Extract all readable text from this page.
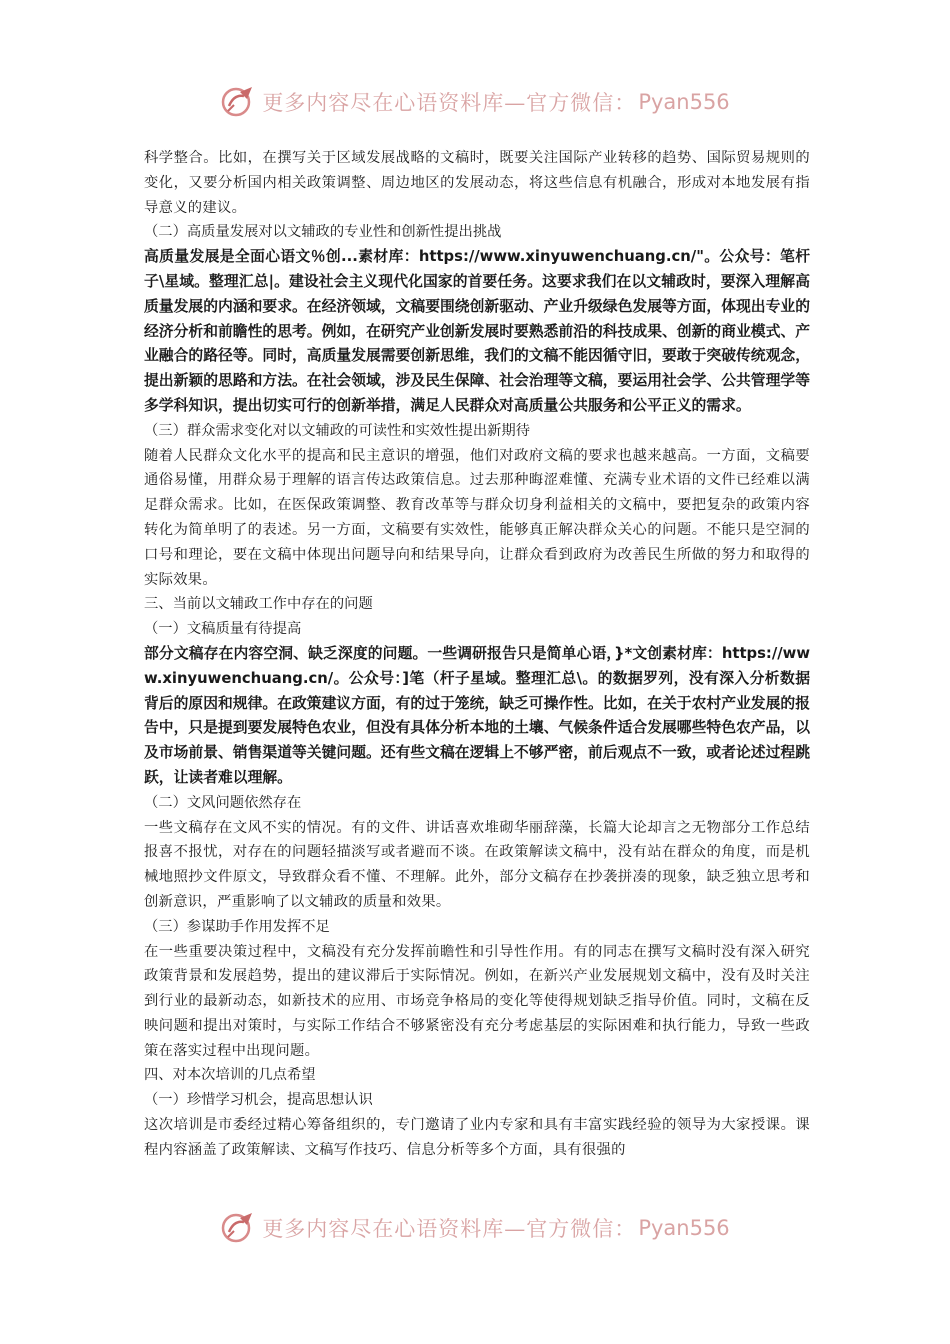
更多内容尽在心语资料库—官方微信： Pyan556

科学整合。比如，在撰写关于区域发展战略的文稿时，既要关注国际产业转移的趋势、国际贸易规则的变化，又要分析国内相关政策调整、周边地区的发展动态，将这些信息有机融合，形成对本地发展有指导意义的建议。

（二）高质量发展对以文辅政的专业性和创新性提出挑战

高质量发展是全面心语文％创...素材库：https://www.xinyuwenchuang.cn/"。公众号：笔杆子\星域。整理汇总|。建设社会主义现代化国家的首要任务。这要求我们在以文辅政时，要深入理解高质量发展的内涵和要求。在经济领域，文稿要围绕创新驱动、产业升级绿色发展等方面，体现出专业的经济分析和前瞻性的思考。例如，在研究产业创新发展时要熟悉前沿的科技成果、创新的商业模式、产业融合的路径等。同时，高质量发展需要创新思维，我们的文稿不能因循守旧，要敢于突破传统观念，提出新颖的思路和方法。在社会领域，涉及民生保障、社会治理等文稿，要运用社会学、公共管理学等多学科知识，提出切实可行的创新举措，满足人民群众对高质量公共服务和公平正义的需求。

（三）群众需求变化对以文辅政的可读性和实效性提出新期待

随着人民群众文化水平的提高和民主意识的增强，他们对政府文稿的要求也越来越高。一方面，文稿要通俗易懂，用群众易于理解的语言传达政策信息。过去那种晦涩难懂、充满专业术语的文件已经难以满足群众需求。比如，在医保政策调整、教育改革等与群众切身利益相关的文稿中，要把复杂的政策内容转化为简单明了的表述。另一方面，文稿要有实效性，能够真正解决群众关心的问题。不能只是空洞的口号和理论，要在文稿中体现出问题导向和结果导向，让群众看到政府为改善民生所做的努力和取得的实际效果。

三、当前以文辅政工作中存在的问题

（一）文稿质量有待提高

部分文稿存在内容空洞、缺乏深度的问题。一些调研报告只是简单心语，}*文创素材库：https://www.xinyuwenchuang.cn/。公众号：]笔（杆子星域。整理汇总\。的数据罗列，没有深入分析数据背后的原因和规律。在政策建议方面，有的过于笼统，缺乏可操作性。比如，在关于农村产业发展的报告中，只是提到要发展特色农业，但没有具体分析本地的土壤、气候条件适合发展哪些特色农产品，以及市场前景、销售渠道等关键问题。还有些文稿在逻辑上不够严密，前后观点不一致，或者论述过程跳跃，让读者难以理解。

（二）文风问题依然存在

一些文稿存在文风不实的情况。有的文件、讲话喜欢堆砌华丽辞藻，长篇大论却言之无物部分工作总结报喜不报忧，对存在的问题轻描淡写或者避而不谈。在政策解读文稿中，没有站在群众的角度，而是机械地照抄文件原文，导致群众看不懂、不理解。此外，部分文稿存在抄袭拼凑的现象，缺乏独立思考和创新意识，严重影响了以文辅政的质量和效果。

（三）参谋助手作用发挥不足

在一些重要决策过程中，文稿没有充分发挥前瞻性和引导性作用。有的同志在撰写文稿时没有深入研究政策背景和发展趋势，提出的建议滞后于实际情况。例如，在新兴产业发展规划文稿中，没有及时关注到行业的最新动态，如新技术的应用、市场竞争格局的变化等使得规划缺乏指导价值。同时，文稿在反映问题和提出对策时，与实际工作结合不够紧密没有充分考虑基层的实际困难和执行能力，导致一些政策在落实过程中出现问题。

四、对本次培训的几点希望

（一）珍惜学习机会，提高思想认识

这次培训是市委经过精心筹备组织的，专门邀请了业内专家和具有丰富实践经验的领导为大家授课。课程内容涵盖了政策解读、文稿写作技巧、信息分析等多个方面，具有很强的

更多内容尽在心语资料库—官方微信： Pyan556
